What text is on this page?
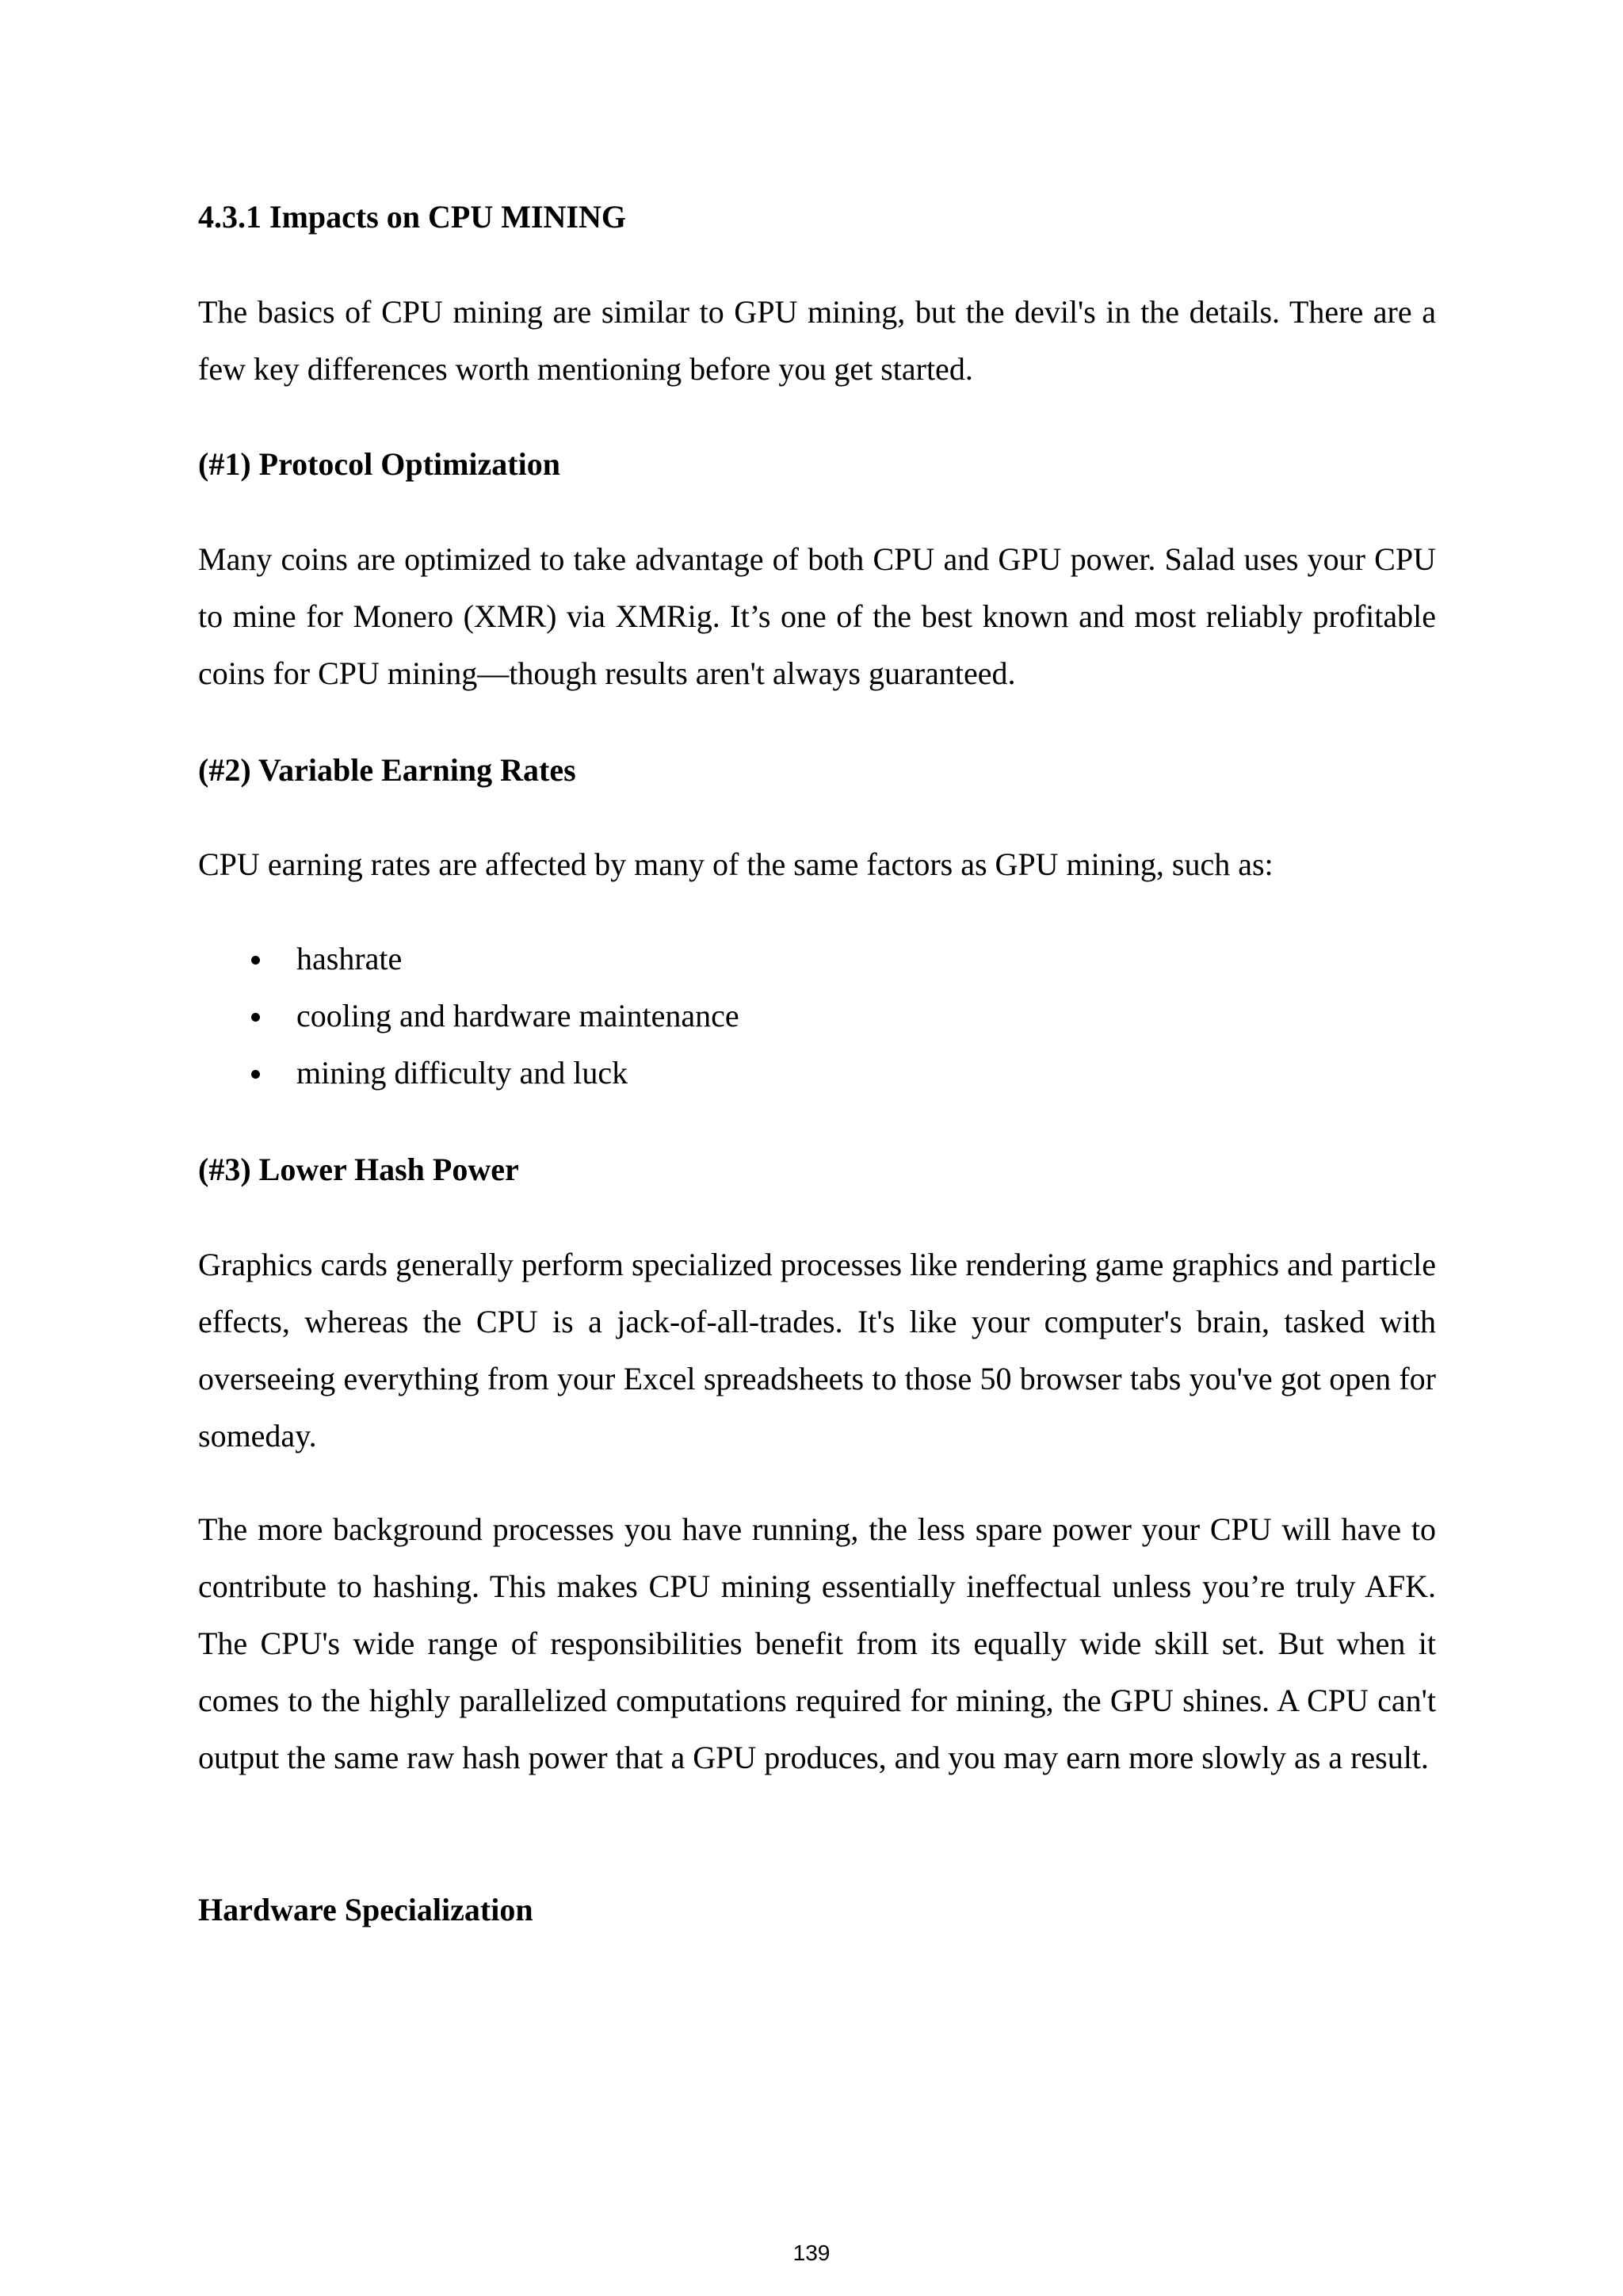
4.3.1 Impacts on CPU MINING

The basics of CPU mining are similar to GPU mining, but the devil's in the details. There are a few key differences worth mentioning before you get started.

(#1) Protocol Optimization

Many coins are optimized to take advantage of both CPU and GPU power. Salad uses your CPU to mine for Monero (XMR) via XMRig. It’s one of the best known and most reliably profitable coins for CPU mining—though results aren't always guaranteed.

(#2) Variable Earning Rates

CPU earning rates are affected by many of the same factors as GPU mining, such as:

hashrate
cooling and hardware maintenance
mining difficulty and luck
(#3) Lower Hash Power

Graphics cards generally perform specialized processes like rendering game graphics and particle effects, whereas the CPU is a jack-of-all-trades. It's like your computer's brain, tasked with overseeing everything from your Excel spreadsheets to those 50 browser tabs you've got open for someday.

The more background processes you have running, the less spare power your CPU will have to contribute to hashing. This makes CPU mining essentially ineffectual unless you’re truly AFK. The CPU's wide range of responsibilities benefit from its equally wide skill set. But when it comes to the highly parallelized computations required for mining, the GPU shines. A CPU can't output the same raw hash power that a GPU produces, and you may earn more slowly as a result.

Hardware Specialization
139
